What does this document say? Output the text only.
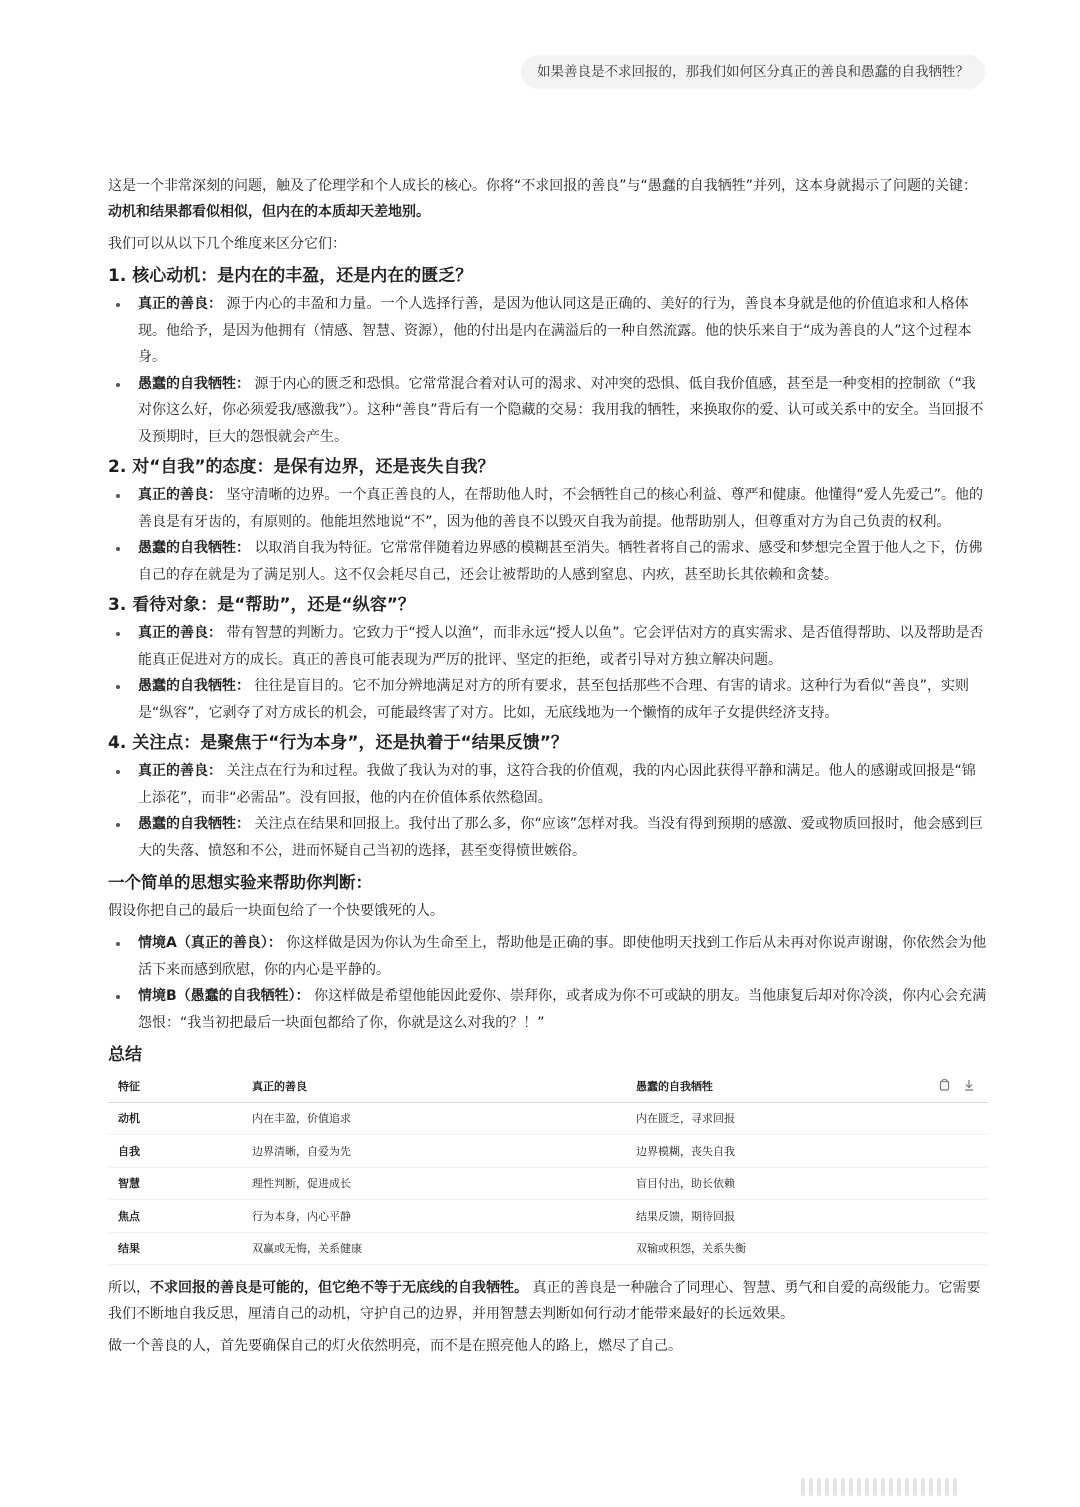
如果善良是不求回报的，那我们如何区分真正的善良和愚蠢的自我牺牲？

这是一个非常深刻的问题，触及了伦理学和个人成长的核心。你将“不求回报的善良”与“愚蠢的自我牺牲”并列，这本身就揭示了问题的关键：动机和结果都看似相似，但内在的本质却天差地别。

我们可以从以下几个维度来区分它们：

1. 核心动机：是内在的丰盈，还是内在的匮乏？
真正的善良： 源于内心的丰盈和力量。一个人选择行善，是因为他认同这是正确的、美好的行为，善良本身就是他的价值追求和人格体现。他给予，是因为他拥有（情感、智慧、资源），他的付出是内在满溢后的一种自然流露。他的快乐来自于“成为善良的人”这个过程本身。
愚蠢的自我牺牲： 源于内心的匮乏和恐惧。它常常混合着对认可的渴求、对冲突的恐惧、低自我价值感，甚至是一种变相的控制欲（“我对你这么好，你必须爱我/感激我”）。这种“善良”背后有一个隐藏的交易：我用我的牺牲，来换取你的爱、认可或关系中的安全。当回报不及预期时，巨大的怨恨就会产生。
2. 对“自我”的态度：是保有边界，还是丧失自我？
真正的善良： 坚守清晰的边界。一个真正善良的人，在帮助他人时，不会牺牲自己的核心利益、尊严和健康。他懂得“爱人先爱己”。他的善良是有牙齿的，有原则的。他能坦然地说“不”，因为他的善良不以毁灭自我为前提。他帮助别人，但尊重对方为自己负责的权利。
愚蠢的自我牺牲： 以取消自我为特征。它常常伴随着边界感的模糊甚至消失。牺牲者将自己的需求、感受和梦想完全置于他人之下，仿佛自己的存在就是为了满足别人。这不仅会耗尽自己，还会让被帮助的人感到窒息、内疚，甚至助长其依赖和贪婪。
3. 看待对象：是“帮助”，还是“纵容”？
真正的善良： 带有智慧的判断力。它致力于“授人以渔”，而非永远“授人以鱼”。它会评估对方的真实需求、是否值得帮助、以及帮助是否能真正促进对方的成长。真正的善良可能表现为严厉的批评、坚定的拒绝，或者引导对方独立解决问题。
愚蠢的自我牺牲： 往往是盲目的。它不加分辨地满足对方的所有要求，甚至包括那些不合理、有害的请求。这种行为看似“善良”，实则是“纵容”，它剥夺了对方成长的机会，可能最终害了对方。比如，无底线地为一个懒惰的成年子女提供经济支持。
4. 关注点：是聚焦于“行为本身”，还是执着于“结果反馈”？
真正的善良： 关注点在行为和过程。我做了我认为对的事，这符合我的价值观，我的内心因此获得平静和满足。他人的感谢或回报是“锦上添花”，而非“必需品”。没有回报，他的内在价值体系依然稳固。
愚蠢的自我牺牲： 关注点在结果和回报上。我付出了那么多，你“应该”怎样对我。当没有得到预期的感激、爱或物质回报时，他会感到巨大的失落、愤怒和不公，进而怀疑自己当初的选择，甚至变得愤世嫉俗。
一个简单的思想实验来帮助你判断：

假设你把自己的最后一块面包给了一个快要饿死的人。

情境A（真正的善良）： 你这样做是因为你认为生命至上，帮助他是正确的事。即使他明天找到工作后从未再对你说声谢谢，你依然会为他活下来而感到欣慰，你的内心是平静的。
情境B（愚蠢的自我牺牲）： 你这样做是希望他能因此爱你、崇拜你，或者成为你不可或缺的朋友。当他康复后却对你冷淡，你内心会充满怨恨：“我当初把最后一块面包都给了你，你就是这么对我的？！”
总结
特征	真正的善良	愚蠢的自我牺牲

动机	内在丰盈，价值追求	内在匮乏，寻求回报
自我	边界清晰，自爱为先	边界模糊，丧失自我
智慧	理性判断，促进成长	盲目付出，助长依赖
焦点	行为本身，内心平静	结果反馈，期待回报
结果	双赢或无悔，关系健康	双输或积怨，关系失衡

所以，不求回报的善良是可能的，但它绝不等于无底线的自我牺牲。 真正的善良是一种融合了同理心、智慧、勇气和自爱的高级能力。它需要我们不断地自我反思，厘清自己的动机，守护自己的边界，并用智慧去判断如何行动才能带来最好的长远效果。

做一个善良的人，首先要确保自己的灯火依然明亮，而不是在照亮他人的路上，燃尽了自己。
